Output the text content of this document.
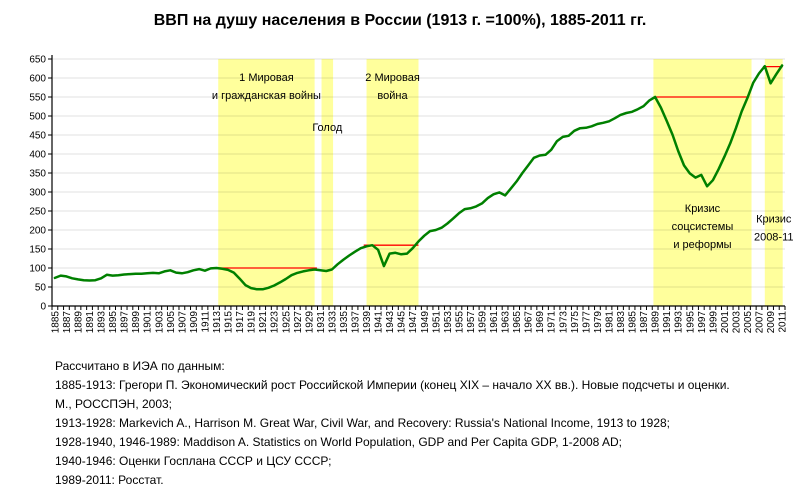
ВВП на душу населения в России (1913 г. =100%), 1885-2011 гг.
0
50
100
150
200
250
300
350
400
450
500
550
600
650
1885 1887 1889 1891 1893 1895 1897 1899 1901 1903 1905 1907 1909 1911 1913 1915 1917 1919 1921 1923 1925 1927 1929 1931 1933 1935 1937 1939 1941 1943 1945 1947 1949 1951 1953 1955 1957 1959 1961 1963 1965 1967 1969 1971 1973 1975 1977 1979 1981 1983 1985 1987 1989 1991 1993 1995 1997 1999 2001 2003 2005 2007 2009 2011
1 Мировая
и гражданская войны
Голод
2 Мировая
война
Кризис
соцсистемы
и реформы
Кризис
2008-11
Рассчитано в ИЭА по данным:
1885-1913: Грегори П. Экономический рост Российской Империи (конец XIX – начало XX вв.). Новые подсчеты и оценки.
М., РОССПЭН, 2003;
1913-1928: Markevich A., Harrison M. Great War, Civil War, and Recovery: Russia's National Income, 1913 to 1928;
1928-1940, 1946-1989: Maddison A. Statistics on World Population, GDP and Per Capita GDP, 1-2008 AD;
1940-1946: Оценки Госплана СССР и ЦСУ СССР;
1989-2011: Росстат.
